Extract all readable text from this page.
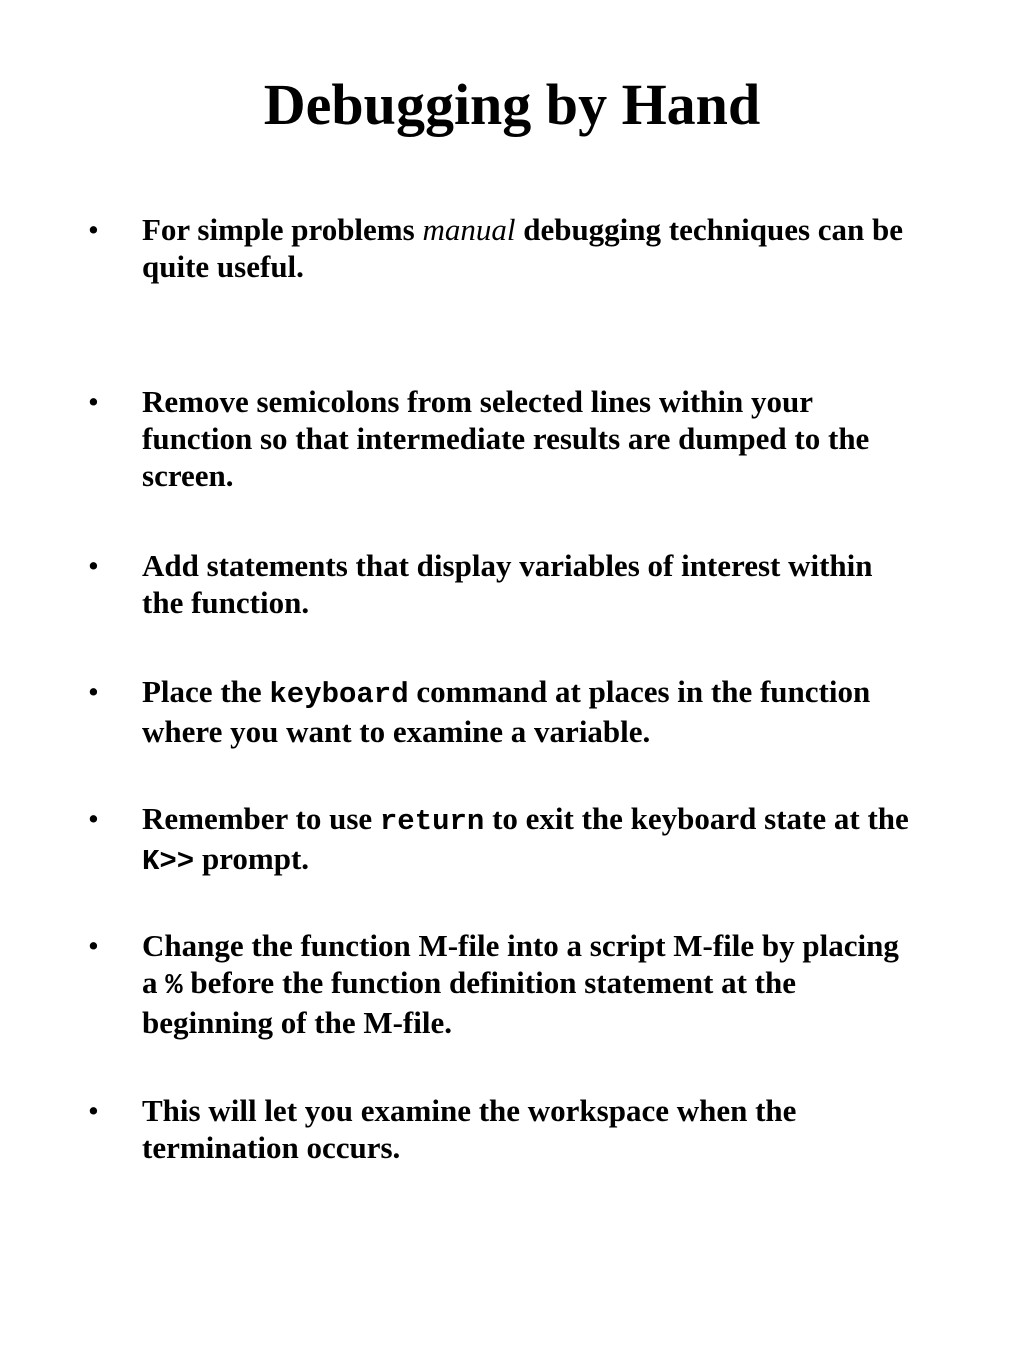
Debugging by Hand
• For simple problems manual debugging techniques can be quite useful.
• Remove semicolons from selected lines within your function so that intermediate results are dumped to the screen.
• Add statements that display variables of interest within the function.
• Place the keyboard command at places in the function where you want to examine a variable.
• Remember to use return to exit the keyboard state at the K>> prompt.
• Change the function M-file into a script M-file by placing a % before the function definition statement at the beginning of the M-file.
• This will let you examine the workspace when the termination occurs.
